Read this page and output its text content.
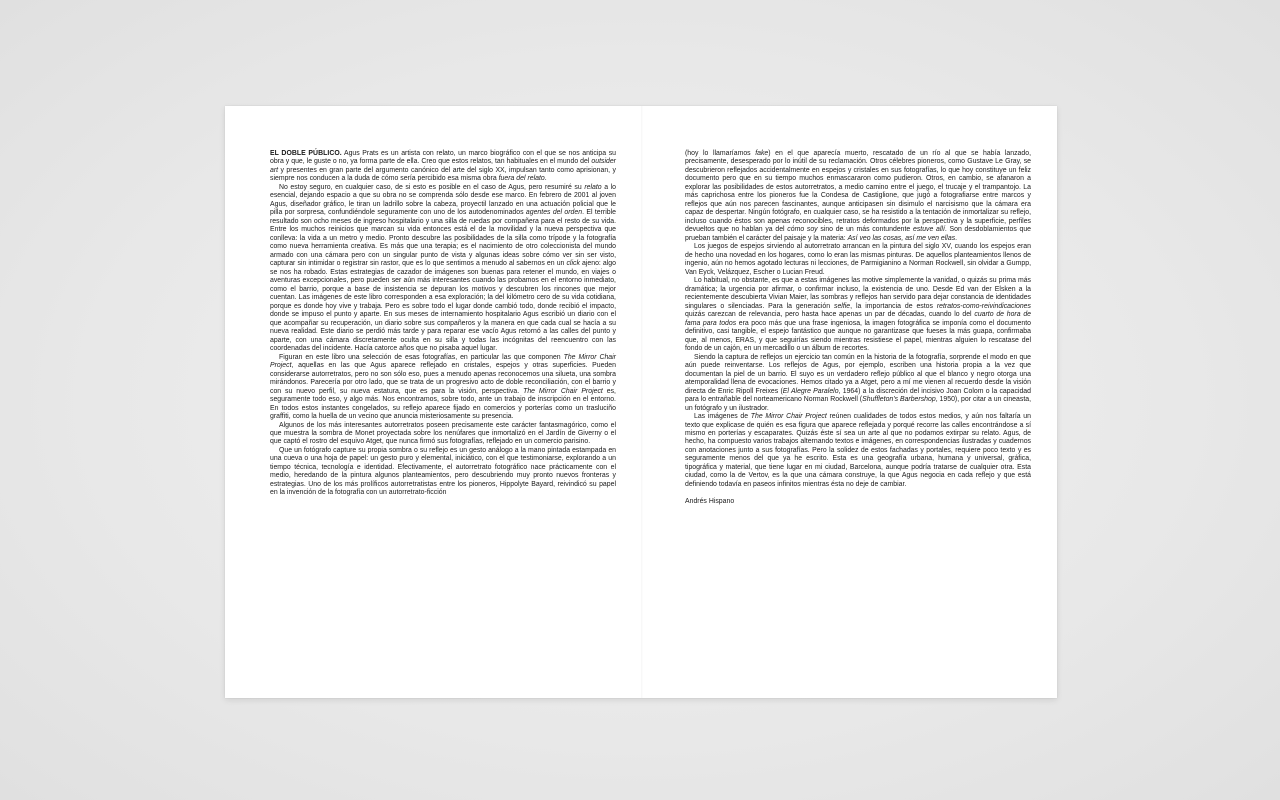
EL DOBLE PÚBLICO. Agus Prats es un artista con relato, un marco biográfico con el que se nos anticipa su obra y que, le guste o no, ya forma parte de ella. Creo que estos relatos, tan habituales en el mundo del outsider art y presentes en gran parte del argumento canónico del arte del siglo XX, impulsan tanto como aprisionan, y siempre nos conducen a la duda de cómo sería percibido esa misma obra fuera del relato.

No estoy seguro, en cualquier caso, de si esto es posible en el caso de Agus, pero resumiré su relato a lo esencial, dejando espacio a que su obra no se comprenda sólo desde ese marco. En febrero de 2001 al joven Agus, diseñador gráfico, le tiran un ladrillo sobre la cabeza, proyectil lanzado en una actuación policial que le pilla por sorpresa, confundiéndole seguramente con uno de los autodenominados agentes del orden. El terrible resultado son ocho meses de ingreso hospitalario y una silla de ruedas por compañera para el resto de su vida. Entre los muchos reinicios que marcan su vida entonces está el de la movilidad y la nueva perspectiva que conlleva: la vida a un metro y medio. Pronto descubre las posibilidades de la silla como trípode y la fotografía como nueva herramienta creativa. Es más que una terapia; es el nacimiento de otro coleccionista del mundo armado con una cámara pero con un singular punto de vista y algunas ideas sobre cómo ver sin ser visto, capturar sin intimidar o registrar sin rastor, que es lo que sentimos a menudo al sabernos en un click ajeno: algo se nos ha robado. Estas estrategias de cazador de imágenes son buenas para retener el mundo, en viajes o aventuras excepcionales, pero pueden ser aún más interesantes cuando las probamos en el entorno inmediato, como el barrio, porque a base de insistencia se depuran los motivos y descubren los rincones que mejor cuentan. Las imágenes de este libro corresponden a esa exploración; la del kilómetro cero de su vida cotidiana, porque es donde hoy vive y trabaja. Pero es sobre todo el lugar donde cambió todo, donde recibió el impacto, donde se impuso el punto y aparte. En sus meses de internamiento hospitalario Agus escribió un diario con el que acompañar su recuperación, un diario sobre sus compañeros y la manera en que cada cual se hacía a su nueva realidad. Este diario se perdió más tarde y para reparar ese vacío Agus retornó a las calles del punto y aparte, con una cámara discretamente oculta en su silla y todas las incógnitas del reencuentro con las coordenadas del incidente. Hacía catorce años que no pisaba aquel lugar.

Figuran en este libro una selección de esas fotografías, en particular las que componen The Mirror Chair Project, aquellas en las que Agus aparece reflejado en cristales, espejos y otras superficies. Pueden considerarse autorretratos, pero no son sólo eso, pues a menudo apenas reconocemos una silueta, una sombra mirándonos. Parecería por otro lado, que se trata de un progresivo acto de doble reconciliación, con el barrio y con su nuevo perfil, su nueva estatura, que es para la visión, perspectiva. The Mirror Chair Project es, seguramente todo eso, y algo más. Nos encontramos, sobre todo, ante un trabajo de inscripción en el entorno. En todos estos instantes congelados, su reflejo aparece fijado en comercios y porterías como un trasluciño graffiti, como la huella de un vecino que anuncia misteriosamente su presencia.

Algunos de los más interesantes autorretratos poseen precisamente este carácter fantasmagórico, como el que muestra la sombra de Monet proyectada sobre los nenúfares que inmortalizó en el Jardín de Giverny o el que captó el rostro del esquivo Atget, que nunca firmó sus fotografías, reflejado en un comercio parisino.

Que un fotógrafo capture su propia sombra o su reflejo es un gesto análogo a la mano pintada estampada en una cueva o una hoja de papel: un gesto puro y elemental, iniciático, con el que testimoniarse, explorando a un tiempo técnica, tecnología e identidad. Efectivamente, el autorretrato fotográfico nace prácticamente con el medio, heredando de la pintura algunos planteamientos, pero descubriendo muy pronto nuevos fronteras y estrategias. Uno de los más prolíficos autorretratistas entre los pioneros, Hippolyte Bayard, reivindicó su papel en la invención de la fotografía con un autorretrato-ficción

(hoy lo llamaríamos fake) en el que aparecía muerto, rescatado de un río al que se había lanzado, precisamente, desesperado por lo inútil de su reclamación. Otros célebres pioneros, como Gustave Le Gray, se descubrieron reflejados accidentalmente en espejos y cristales en sus fotografías, lo que hoy constituye un feliz documento pero que en su tiempo muchos enmascararon como pudieron. Otros, en cambio, se afanaron a explorar las posibilidades de estos autorretratos, a medio camino entre el juego, el trucaje y el trampantojo. La más caprichosa entre los pioneros fue la Condesa de Castiglione, que jugó a fotografiarse entre marcos y reflejos que aún nos parecen fascinantes, aunque anticipasen sin disimulo el narcisismo que la cámara era capaz de despertar. Ningún fotógrafo, en cualquier caso, se ha resistido a la tentación de inmortalizar su reflejo, incluso cuando éstos son apenas reconocibles, retratos deformados por la perspectiva y la superficie, perfiles devueltos que no hablan ya del cómo soy sino de un más contundente estuve allí. Son desdoblamientos que prueban también el carácter del paisaje y la materia: Así veo las cosas, así me ven ellas.

Los juegos de espejos sirviendo al autorretrato arrancan en la pintura del siglo XV, cuando los espejos eran de hecho una novedad en los hogares, como lo eran las mismas pinturas. De aquellos planteamientos llenos de ingenio, aún no hemos agotado lecturas ni lecciones, de Parmigianino a Norman Rockwell, sin olvidar a Gumpp, Van Eyck, Velázquez, Escher o Lucian Freud.

Lo habitual, no obstante, es que a estas imágenes las motive simplemente la vanidad, o quizás su prima más dramática; la urgencia por afirmar, o confirmar incluso, la existencia de uno. Desde Ed van der Elsken a la recientemente descubierta Vivian Maier, las sombras y reflejos han servido para dejar constancia de identidades singulares o silenciadas. Para la generación selfie, la importancia de estos retratos-como-reivindicaciones quizás carezcan de relevancia, pero hasta hace apenas un par de décadas, cuando lo del cuarto de hora de fama para todos era poco más que una frase ingeniosa, la imagen fotográfica se imponía como el documento definitivo, casi tangible, el espejo fantástico que aunque no garantizase que fueses la más guapa, confirmaba que, al menos, ERAS, y que seguirías siendo mientras resistiese el papel, mientras alguien lo rescatase del fondo de un cajón, en un mercadillo o un álbum de recortes.

Siendo la captura de reflejos un ejercicio tan común en la historia de la fotografía, sorprende el modo en que aún puede reinventarse. Los reflejos de Agus, por ejemplo, escriben una historia propia a la vez que documentan la piel de un barrio. El suyo es un verdadero reflejo público al que el blanco y negro otorga una atemporalidad llena de evocaciones. Hemos citado ya a Atget, pero a mí me vienen al recuerdo desde la visión directa de Enric Ripoll Freixes (El Alegre Paralelo, 1964) a la discreción del incisivo Joan Colom o la capacidad para lo entrañable del norteamericano Norman Rockwell (Shuffleton's Barbershop, 1950), por citar a un cineasta, un fotógrafo y un ilustrador.

Las imágenes de The Mirror Chair Project reúnen cualidades de todos estos medios, y aún nos faltaría un texto que explicase de quién es esa figura que aparece reflejada y porqué recorre las calles encontrándose a sí mismo en porterías y escaparates. Quizás éste sí sea un arte al que no podamos extirpar su relato. Agus, de hecho, ha compuesto varios trabajos alternando textos e imágenes, en correspondencias ilustradas y cuadernos con anotaciones junto a sus fotografías. Pero la solidez de estos fachadas y portales, requiere poco texto y es seguramente menos del que ya he escrito. Esta es una geografía urbana, humana y universal, gráfica, tipográfica y material, que tiene lugar en mi ciudad, Barcelona, aunque podría tratarse de cualquier otra. Esta ciudad, como la de Vertov, es la que una cámara construye, la que Agus negocia en cada reflejo y que está definiendo todavía en paseos infinitos mientras ésta no deje de cambiar.

Andrés Hispano
